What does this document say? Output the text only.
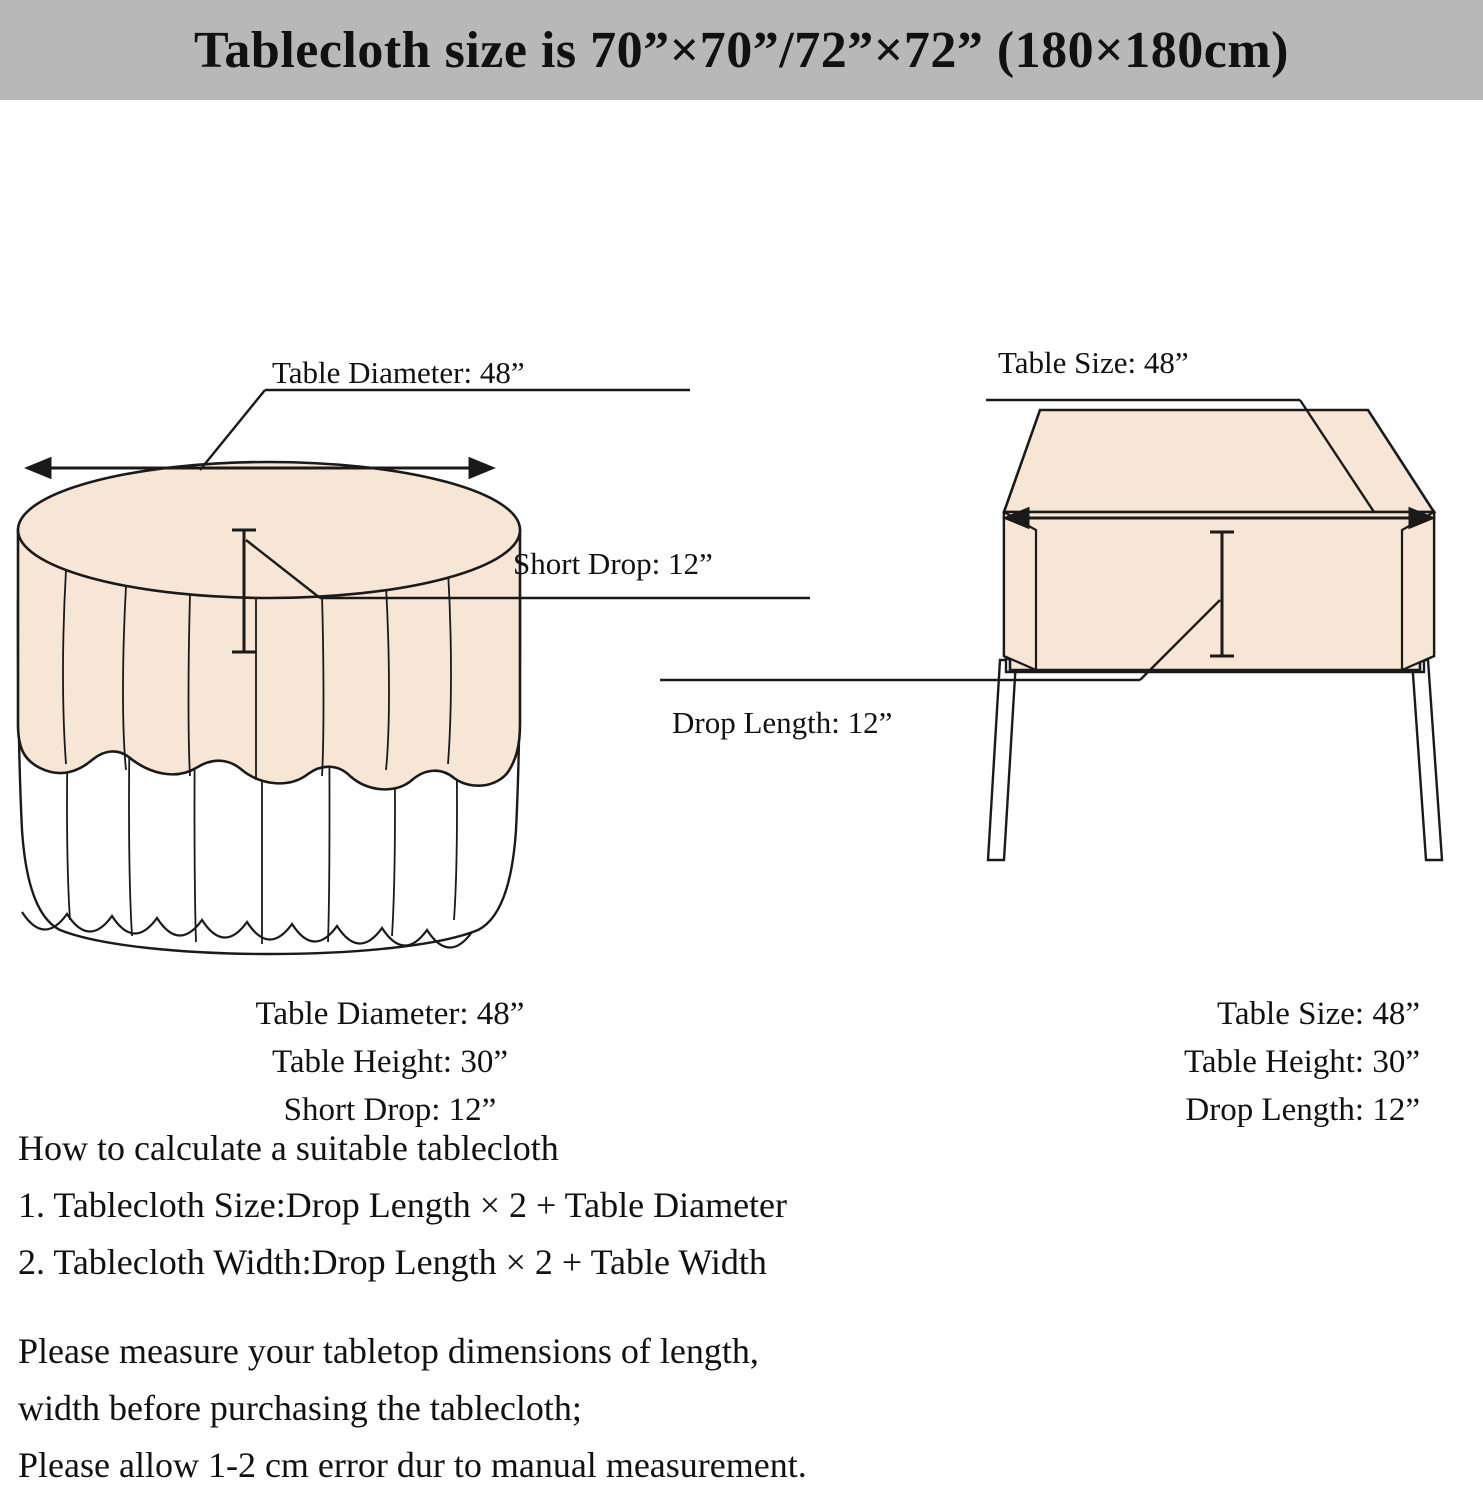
Tablecloth size is 70”×70”/72”×72” (180×180cm)
Table Diameter: 48”
Short Drop: 12”
Table Size: 48”
Drop Length: 12”
Table Diameter: 48”
Table Height: 30”
Short Drop: 12”
Table Size: 48”
Table Height: 30”
Drop Length: 12”
How to calculate a suitable tablecloth
1. Tablecloth Size:Drop Length × 2 + Table Diameter
2. Tablecloth Width:Drop Length × 2 + Table Width
Please measure your tabletop dimensions of length,
width before purchasing the tablecloth;
Please allow 1-2 cm error dur to manual measurement.
